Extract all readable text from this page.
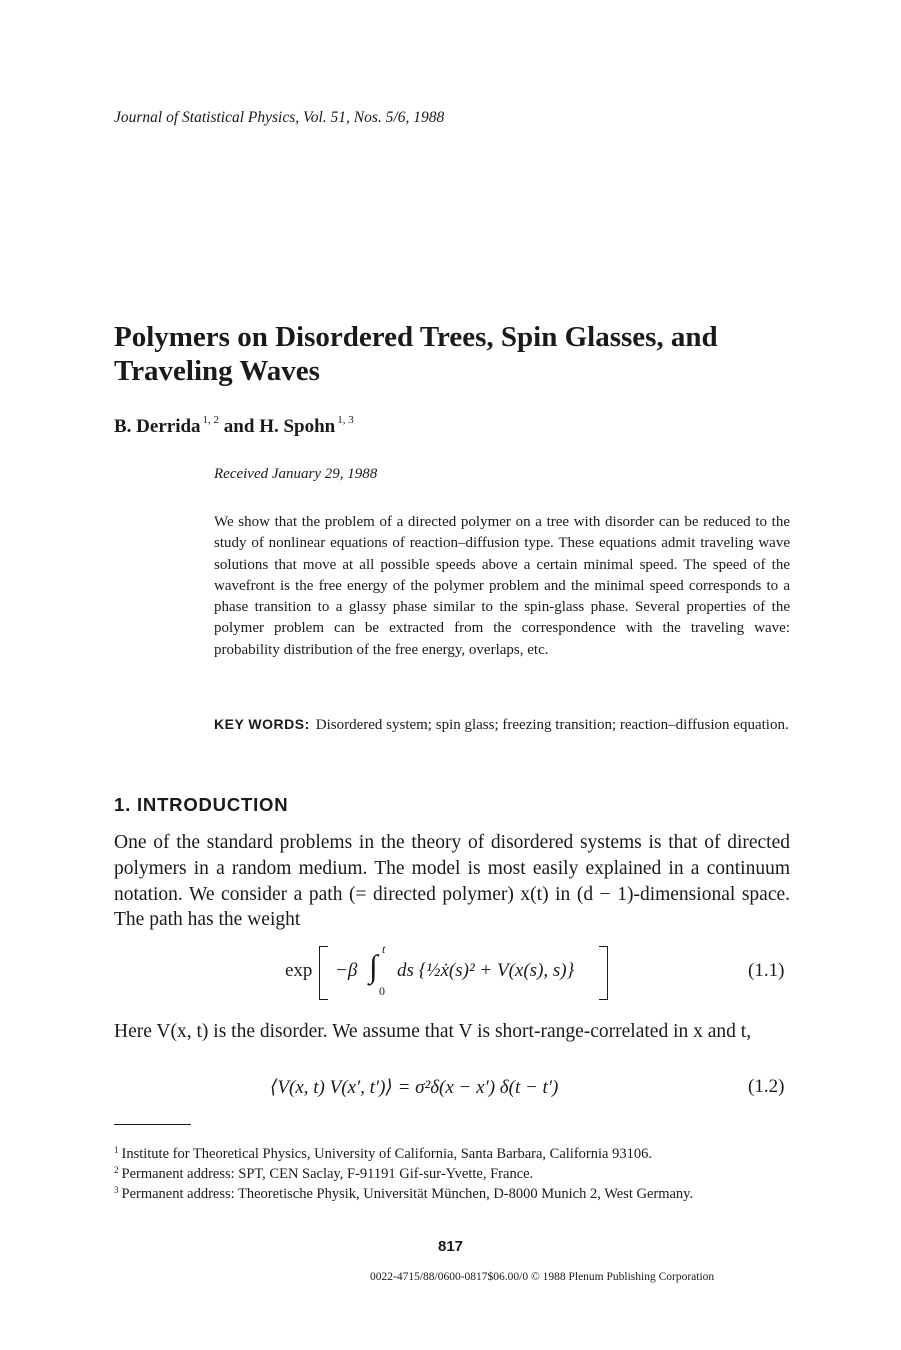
Journal of Statistical Physics, Vol. 51, Nos. 5/6, 1988
Polymers on Disordered Trees, Spin Glasses, and Traveling Waves
B. Derrida $^{1, 2}$ and H. Spohn $^{1, 3}$
Received January 29, 1988
We show that the problem of a directed polymer on a tree with disorder can be reduced to the study of nonlinear equations of reaction–diffusion type. These equations admit traveling wave solutions that move at all possible speeds above a certain minimal speed. The speed of the wavefront is the free energy of the polymer problem and the minimal speed corresponds to a phase transition to a glassy phase similar to the spin-glass phase. Several properties of the polymer problem can be extracted from the correspondence with the traveling wave: probability distribution of the free energy, overlaps, etc.
KEY WORDS: Disordered system; spin glass; freezing transition; reaction–diffusion equation.
1. INTRODUCTION
One of the standard problems in the theory of disordered systems is that of directed polymers in a random medium. The model is most easily explained in a continuum notation. We consider a path (= directed polymer) x(t) in (d − 1)-dimensional space. The path has the weight
exp −β ∫ t
0
ds {½ẋ(s)² + V(x(s), s)}	(1.1)
Here V(x, t) is the disorder. We assume that V is short-range-correlated in x and t,
⟨V(x, t) V(x′, t′)⟩ = σ²δ(x − x′) δ(t − t′)	(1.2)
$^1$ Institute for Theoretical Physics, University of California, Santa Barbara, California 93106.
$^2$ Permanent address: SPT, CEN Saclay, F-91191 Gif-sur-Yvette, France.
$^3$ Permanent address: Theoretische Physik, Universität München, D-8000 Munich 2, West Germany.
817
0022-4715/88/0600-0817$06.00/0 © 1988 Plenum Publishing Corporation
